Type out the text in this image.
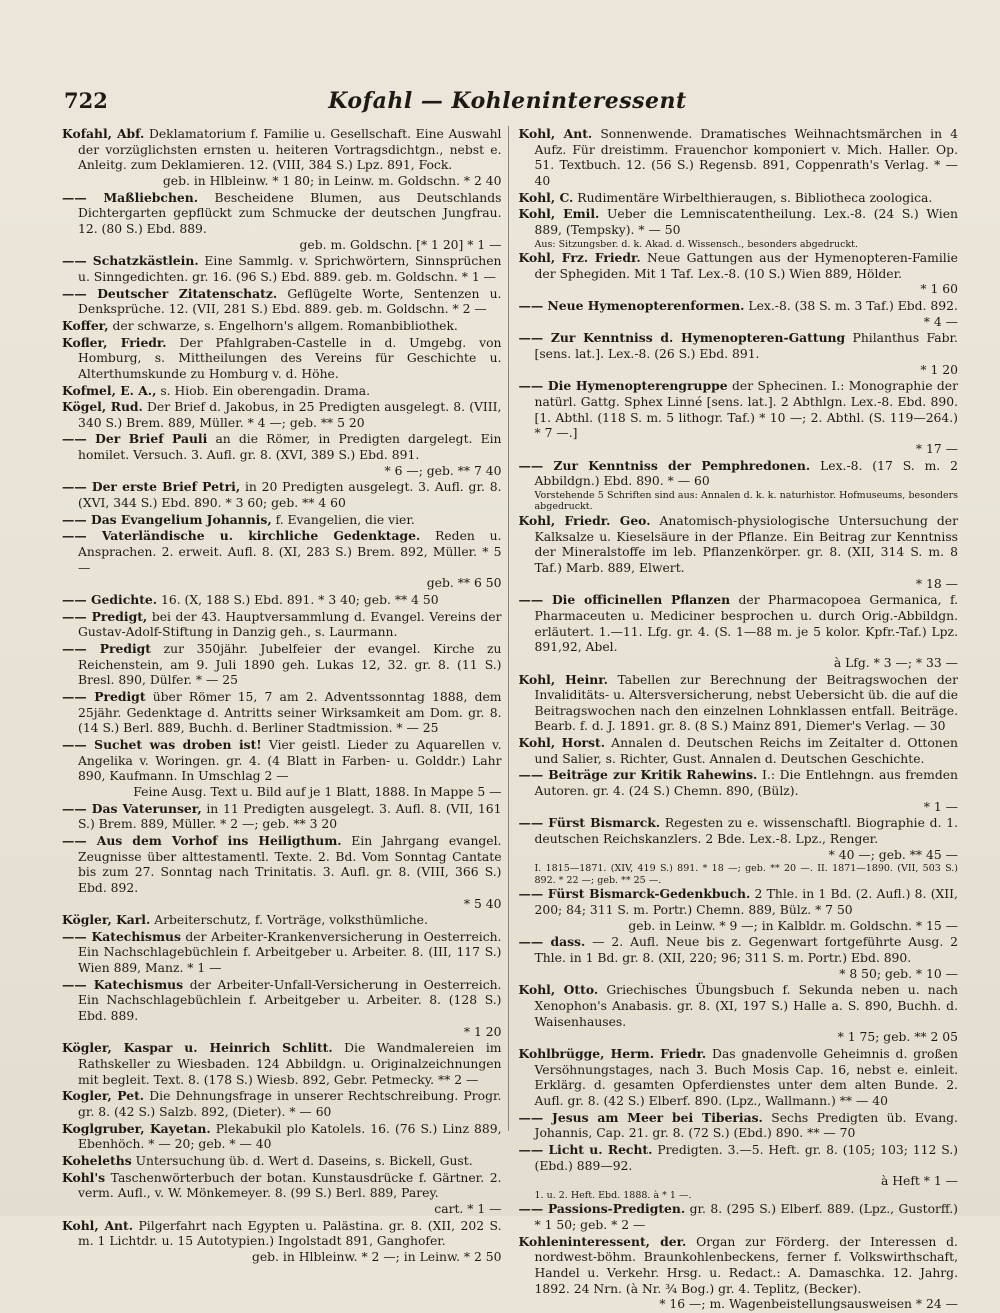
722	Kofahl — Kohleninteressent

Kofahl, Abf. Deklamatorium f. Familie u. Gesellschaft. Eine Auswahl der vorzüglichsten ernsten u. heiteren Vortragsdichtgn., nebst e. Anleitg. zum Deklamieren. 12. (VIII, 384 S.) Lpz. 891, Fock.
geb. in Hlbleinw. * 1 80; in Leinw. m. Goldschn. * 2 40

—— Maßliebchen. Bescheidene Blumen, aus Deutschlands Dichtergarten gepflückt zum Schmucke der deutschen Jungfrau. 12. (80 S.) Ebd. 889.
geb. m. Goldschn. [* 1 20] * 1 —

—— Schatzkästlein. Eine Sammlg. v. Sprichwörtern, Sinnsprüchen u. Sinngedichten. gr. 16. (96 S.) Ebd. 889. geb. m. Goldschn. * 1 —

—— Deutscher Zitatenschatz. Geflügelte Worte, Sentenzen u. Denksprüche. 12. (VII, 281 S.) Ebd. 889. geb. m. Goldschn. * 2 —

Koffer, der schwarze, s. Engelhorn's allgem. Romanbibliothek.

Kofler, Friedr. Der Pfahlgraben-Castelle in d. Umgebg. von Homburg, s. Mittheilungen des Vereins für Geschichte u. Alterthumskunde zu Homburg v. d. Höhe.

Kofmel, E. A., s. Hiob. Ein oberengadin. Drama.

Kögel, Rud. Der Brief d. Jakobus, in 25 Predigten ausgelegt. 8. (VIII, 340 S.) Brem. 889, Müller. * 4 —; geb. ** 5 20

—— Der Brief Pauli an die Römer, in Predigten dargelegt. Ein homilet. Versuch. 3. Aufl. gr. 8. (XVI, 389 S.) Ebd. 891.
* 6 —; geb. ** 7 40

—— Der erste Brief Petri, in 20 Predigten ausgelegt. 3. Aufl. gr. 8. (XVI, 344 S.) Ebd. 890. * 3 60; geb. ** 4 60

—— Das Evangelium Johannis, f. Evangelien, die vier.

—— Vaterländische u. kirchliche Gedenktage. Reden u. Ansprachen. 2. erweit. Aufl. 8. (XI, 283 S.) Brem. 892, Müller. * 5 —
geb. ** 6 50

—— Gedichte. 16. (X, 188 S.) Ebd. 891. * 3 40; geb. ** 4 50

—— Predigt, bei der 43. Hauptversammlung d. Evangel. Vereins der Gustav-Adolf-Stiftung in Danzig geh., s. Laurmann.

—— Predigt zur 350jähr. Jubelfeier der evangel. Kirche zu Reichenstein, am 9. Juli 1890 geh. Lukas 12, 32. gr. 8. (11 S.) Bresl. 890, Dülfer. * — 25

—— Predigt über Römer 15, 7 am 2. Adventssonntag 1888, dem 25jähr. Gedenktage d. Antritts seiner Wirksamkeit am Dom. gr. 8. (14 S.) Berl. 889, Buchh. d. Berliner Stadtmission. * — 25

—— Suchet was droben ist! Vier geistl. Lieder zu Aquarellen v. Angelika v. Woringen. gr. 4. (4 Blatt in Farben- u. Golddr.) Lahr 890, Kaufmann. In Umschlag 2 —
Feine Ausg. Text u. Bild auf je 1 Blatt, 1888. In Mappe 5 —

—— Das Vaterunser, in 11 Predigten ausgelegt. 3. Aufl. 8. (VII, 161 S.) Brem. 889, Müller. * 2 —; geb. ** 3 20

—— Aus dem Vorhof ins Heiligthum. Ein Jahrgang evangel. Zeugnisse über alttestamentl. Texte. 2. Bd. Vom Sonntag Cantate bis zum 27. Sonntag nach Trinitatis. 3. Aufl. gr. 8. (VIII, 366 S.) Ebd. 892.
* 5 40

Kögler, Karl. Arbeiterschutz, f. Vorträge, volksthümliche.

—— Katechismus der Arbeiter-Krankenversicherung in Oesterreich. Ein Nachschlagebüchlein f. Arbeitgeber u. Arbeiter. 8. (III, 117 S.) Wien 889, Manz. * 1 —

—— Katechismus der Arbeiter-Unfall-Versicherung in Oesterreich. Ein Nachschlagebüchlein f. Arbeitgeber u. Arbeiter. 8. (128 S.) Ebd. 889.
* 1 20

Kögler, Kaspar u. Heinrich Schlitt. Die Wandmalereien im Rathskeller zu Wiesbaden. 124 Abbildgn. u. Originalzeichnungen mit begleit. Text. 8. (178 S.) Wiesb. 892, Gebr. Petmecky. ** 2 —

Kogler, Pet. Die Dehnungsfrage in unserer Rechtschreibung. Progr. gr. 8. (42 S.) Salzb. 892, (Dieter). * — 60

Koglgruber, Kayetan. Plekabukil plo Katolels. 16. (76 S.) Linz 889, Ebenhöch. * — 20; geb. * — 40

Koheleths Untersuchung üb. d. Wert d. Daseins, s. Bickell, Gust.

Kohl's Taschenwörterbuch der botan. Kunstausdrücke f. Gärtner. 2. verm. Aufl., v. W. Mönkemeyer. 8. (99 S.) Berl. 889, Parey.
cart. * 1 —

Kohl, Ant. Pilgerfahrt nach Egypten u. Palästina. gr. 8. (XII, 202 S. m. 1 Lichtdr. u. 15 Autotypien.) Ingolstadt 891, Ganghofer.
geb. in Hlbleinw. * 2 —; in Leinw. * 2 50

Kohl, Ant. Sonnenwende. Dramatisches Weihnachtsmärchen in 4 Aufz. Für dreistimm. Frauenchor komponiert v. Mich. Haller. Op. 51. Textbuch. 12. (56 S.) Regensb. 891, Coppenrath's Verlag. * — 40

Kohl, C. Rudimentäre Wirbelthieraugen, s. Bibliotheca zoologica.

Kohl, Emil. Ueber die Lemniscatentheilung. Lex.-8. (24 S.) Wien 889, (Tempsky). * — 50

Aus: Sitzungsber. d. k. Akad. d. Wissensch., besonders abgedruckt.

Kohl, Frz. Friedr. Neue Gattungen aus der Hymenopteren-Familie der Sphegiden. Mit 1 Taf. Lex.-8. (10 S.) Wien 889, Hölder.
* 1 60

—— Neue Hymenopterenformen. Lex.-8. (38 S. m. 3 Taf.) Ebd. 892.
* 4 —

—— Zur Kenntniss d. Hymenopteren-Gattung Philanthus Fabr. [sens. lat.]. Lex.-8. (26 S.) Ebd. 891.
* 1 20

—— Die Hymenopterengruppe der Sphecinen. I.: Monographie der natürl. Gattg. Sphex Linné [sens. lat.]. 2 Abthlgn. Lex.-8. Ebd. 890. [1. Abthl. (118 S. m. 5 lithogr. Taf.) * 10 —; 2. Abthl. (S. 119—264.) * 7 —.]
* 17 —

—— Zur Kenntniss der Pemphredonen. Lex.-8. (17 S. m. 2 Abbildgn.) Ebd. 890. * — 60

Vorstehende 5 Schriften sind aus: Annalen d. k. k. naturhistor. Hofmuseums, besonders abgedruckt.

Kohl, Friedr. Geo. Anatomisch-physiologische Untersuchung der Kalksalze u. Kieselsäure in der Pflanze. Ein Beitrag zur Kenntniss der Mineralstoffe im leb. Pflanzenkörper. gr. 8. (XII, 314 S. m. 8 Taf.) Marb. 889, Elwert.
* 18 —

—— Die officinellen Pflanzen der Pharmacopoea Germanica, f. Pharmaceuten u. Mediciner besprochen u. durch Orig.-Abbildgn. erläutert. 1.—11. Lfg. gr. 4. (S. 1—88 m. je 5 kolor. Kpfr.-Taf.) Lpz. 891,92, Abel.
à Lfg. * 3 —; * 33 —

Kohl, Heinr. Tabellen zur Berechnung der Beitragswochen der Invaliditäts- u. Altersversicherung, nebst Uebersicht üb. die auf die Beitragswochen nach den einzelnen Lohnklassen entfall. Beiträge. Bearb. f. d. J. 1891. gr. 8. (8 S.) Mainz 891, Diemer's Verlag. — 30

Kohl, Horst. Annalen d. Deutschen Reichs im Zeitalter d. Ottonen und Salier, s. Richter, Gust. Annalen d. Deutschen Geschichte.

—— Beiträge zur Kritik Rahewins. I.: Die Entlehngn. aus fremden Autoren. gr. 4. (24 S.) Chemn. 890, (Bülz).
* 1 —

—— Fürst Bismarck. Regesten zu e. wissenschaftl. Biographie d. 1. deutschen Reichskanzlers. 2 Bde. Lex.-8. Lpz., Renger.
* 40 —; geb. ** 45 —

I. 1815—1871. (XIV, 419 S.) 891. * 18 —; geb. ** 20 —. II. 1871—1890. (VII, 503 S.) 892. * 22 —; geb. ** 25 —.

—— Fürst Bismarck-Gedenkbuch. 2 Thle. in 1 Bd. (2. Aufl.) 8. (XII, 200; 84; 311 S. m. Portr.) Chemn. 889, Bülz. * 7 50
geb. in Leinw. * 9 —; in Kalbldr. m. Goldschn. * 15 —

—— dass. — 2. Aufl. Neue bis z. Gegenwart fortgeführte Ausg. 2 Thle. in 1 Bd. gr. 8. (XII, 220; 96; 311 S. m. Portr.) Ebd. 890.
* 8 50; geb. * 10 —

Kohl, Otto. Griechisches Übungsbuch f. Sekunda neben u. nach Xenophon's Anabasis. gr. 8. (XI, 197 S.) Halle a. S. 890, Buchh. d. Waisenhauses.
* 1 75; geb. ** 2 05

Kohlbrügge, Herm. Friedr. Das gnadenvolle Geheimnis d. großen Versöhnungstages, nach 3. Buch Mosis Cap. 16, nebst e. einleit. Erklärg. d. gesamten Opferdienstes unter dem alten Bunde. 2. Aufl. gr. 8. (42 S.) Elberf. 890. (Lpz., Wallmann.) ** — 40

—— Jesus am Meer bei Tiberias. Sechs Predigten üb. Evang. Johannis, Cap. 21. gr. 8. (72 S.) (Ebd.) 890. ** — 70

—— Licht u. Recht. Predigten. 3.—5. Heft. gr. 8. (105; 103; 112 S.) (Ebd.) 889—92.
à Heft * 1 —

1. u. 2. Heft. Ebd. 1888. à * 1 —.

—— Passions-Predigten. gr. 8. (295 S.) Elberf. 889. (Lpz., Gustorff.) * 1 50; geb. * 2 —

Kohleninteressent, der. Organ zur Förderg. der Interessen d. nordwest-böhm. Braunkohlenbeckens, ferner f. Volkswirthschaft, Handel u. Verkehr. Hrsg. u. Redact.: A. Damaschka. 12. Jahrg. 1892. 24 Nrn. (à Nr. ¾ Bog.) gr. 4. Teplitz, (Becker).
* 16 —; m. Wagenbeistellungsausweisen * 24 —
